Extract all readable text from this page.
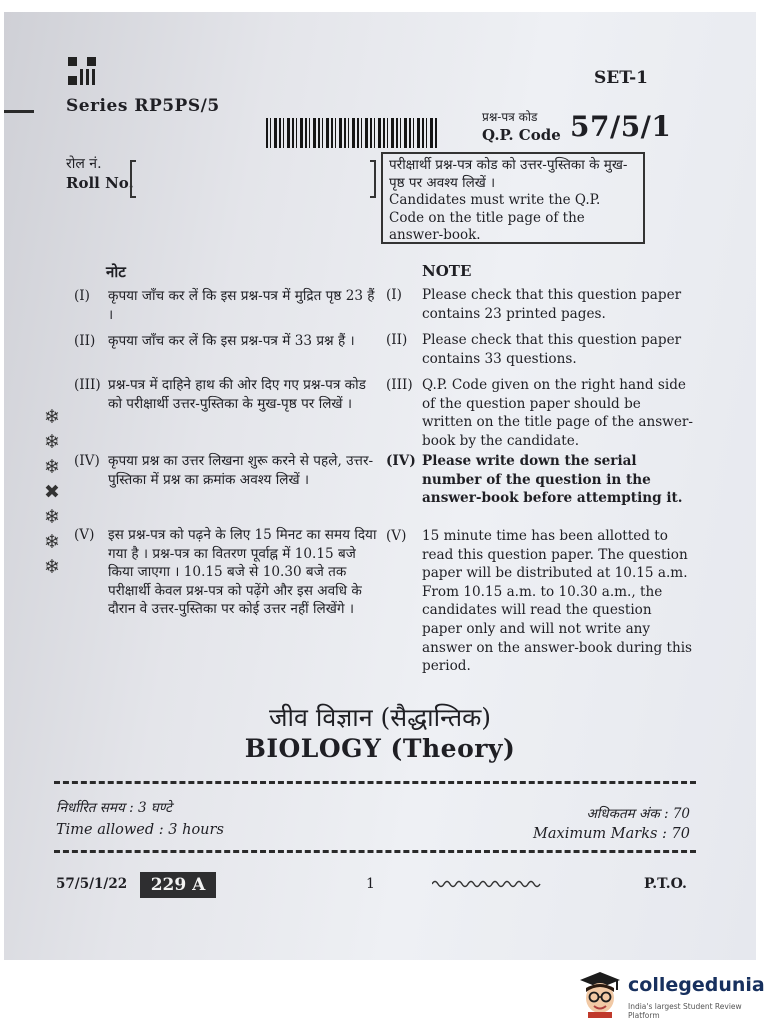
Series RP5PS/5
SET-1
प्रश्न-पत्र कोड
Q.P. Code 57/5/1
रोल नं.
Roll No.
परीक्षार्थी प्रश्न-पत्र कोड को उत्तर-पुस्तिका के मुख-पृष्ठ पर अवश्य लिखें ।
Candidates must write the Q.P. Code on the title page of the answer-book.
नोट
(I) कृपया जाँच कर लें कि इस प्रश्न-पत्र में मुद्रित पृष्ठ 23 हैं ।
(II) कृपया जाँच कर लें कि इस प्रश्न-पत्र में 33 प्रश्न हैं ।
(III) प्रश्न-पत्र में दाहिने हाथ की ओर दिए गए प्रश्न-पत्र कोड को परीक्षार्थी उत्तर-पुस्तिका के मुख-पृष्ठ पर लिखें ।
(IV) कृपया प्रश्न का उत्तर लिखना शुरू करने से पहले, उत्तर-पुस्तिका में प्रश्न का क्रमांक अवश्य लिखें ।
(V) इस प्रश्न-पत्र को पढ़ने के लिए 15 मिनट का समय दिया गया है । प्रश्न-पत्र का वितरण पूर्वाह्न में 10.15 बजे किया जाएगा । 10.15 बजे से 10.30 बजे तक परीक्षार्थी केवल प्रश्न-पत्र को पढ़ेंगे और इस अवधि के दौरान वे उत्तर-पुस्तिका पर कोई उत्तर नहीं लिखेंगे ।
NOTE
(I) Please check that this question paper contains 23 printed pages.
(II) Please check that this question paper contains 33 questions.
(III) Q.P. Code given on the right hand side of the question paper should be written on the title page of the answer-book by the candidate.
(IV) Please write down the serial number of the question in the answer-book before attempting it.
(V) 15 minute time has been allotted to read this question paper. The question paper will be distributed at 10.15 a.m. From 10.15 a.m. to 10.30 a.m., the candidates will read the question paper only and will not write any answer on the answer-book during this period.
❄
❄
❄
✖
❄
❄
❄
जीव विज्ञान (सैद्धान्तिक)
BIOLOGY (Theory)
निर्धारित समय : 3 घण्टे
Time allowed : 3 hours
अधिकतम अंक : 70
Maximum Marks : 70
57/5/1/22	229 A	1	P.T.O.
collegedunia
India's largest Student Review Platform
